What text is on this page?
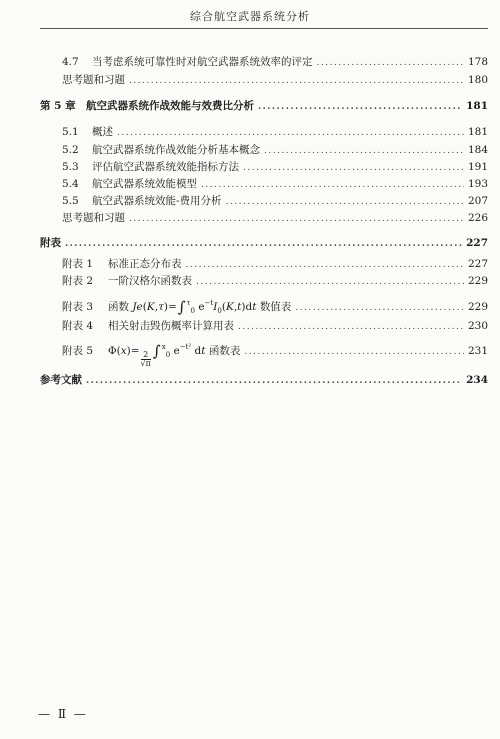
综合航空武器系统分析
4.7	当考虑系统可靠性时对航空武器系统效率的评定 .....	178
思考题和习题 .....	180
第 5 章 航空武器系统作战效能与效费比分析 .....	181
5.1	概述 .....	181
5.2	航空武器系统作战效能分析基本概念 .....	184
5.3	评估航空武器系统效能指标方法 .....	191
5.4	航空武器系统效能模型 .....	193
5.5	航空武器系统效能-费用分析 .....	207
思考题和习题 .....	226
附表 .....	227
附表 1	标准正态分布表 .....	227
附表 2	一阶汉格尔函数表 .....	229
附表 3	函数 Je(K,τ)=∫$^\tau_0$ $e^{-t}I_0(K,t)dt$ 数值表 .....	229
附表 4	相关射击毁伤概率计算用表 .....	230
附表 5	$\Phi(x)= \frac{2}{√\pi} \int^x_0$ $e^{-t^2}$ dt 函数表 .....	231
参考文献 .....	234
— Ⅱ —
